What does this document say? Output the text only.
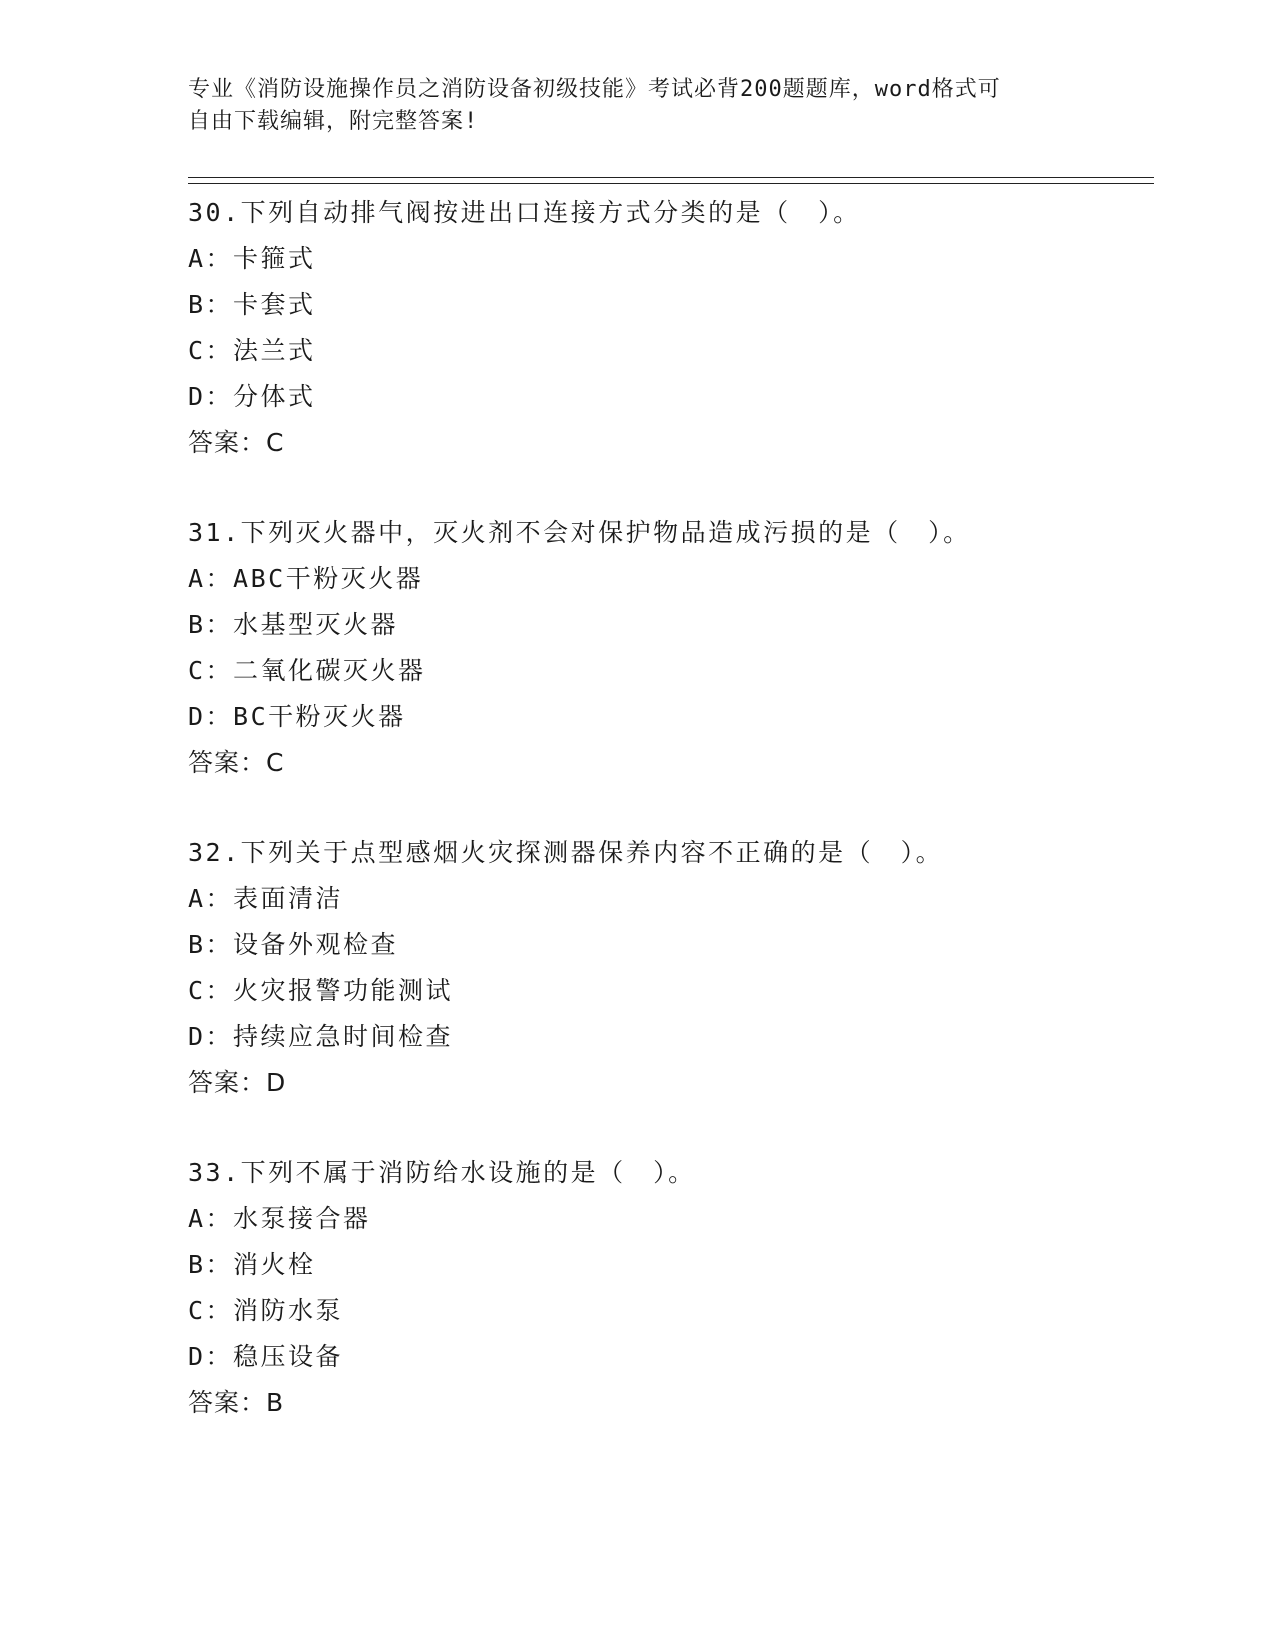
专业《消防设施操作员之消防设备初级技能》考试必背200题题库，word格式可
自由下载编辑，附完整答案!
30.下列自动排气阀按进出口连接方式分类的是（　）。
A：卡箍式
B：卡套式
C：法兰式
D：分体式
答案：C
31.下列灭火器中，灭火剂不会对保护物品造成污损的是（　）。
A：ABC干粉灭火器
B：水基型灭火器
C：二氧化碳灭火器
D：BC干粉灭火器
答案：C
32.下列关于点型感烟火灾探测器保养内容不正确的是（　）。
A：表面清洁
B：设备外观检查
C：火灾报警功能测试
D：持续应急时间检查
答案：D
33.下列不属于消防给水设施的是（　）。
A：水泵接合器
B：消火栓
C：消防水泵
D：稳压设备
答案：B
